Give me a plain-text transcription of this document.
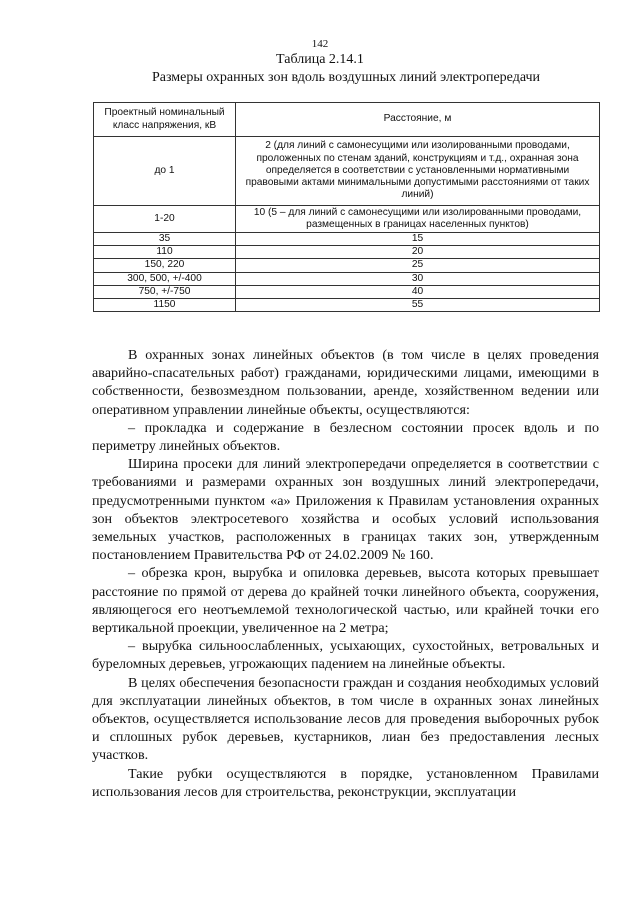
142
Таблица 2.14.1
Размеры охранных зон вдоль воздушных линий электропередачи
Проектный номинальный класс напряжения, кВ	Расстояние, м
до 1	2 (для линий с самонесущими или изолированными проводами, проложенных по стенам зданий, конструкциям и т.д., охранная зона определяется в соответствии с установленными нормативными правовыми актами минимальными допустимыми расстояниями от таких линий)
1-20	10 (5 – для линий с самонесущими или изолированными проводами, размещенных в границах населенных пунктов)
35	15
110	20
150, 220	25
300, 500, +/-400	30
750, +/-750	40
1150	55

В охранных зонах линейных объектов (в том числе в целях проведения аварийно-спасательных работ) гражданами, юридическими лицами, имеющими в собственности, безвозмездном пользовании, аренде, хозяйственном ведении или оперативном управлении линейные объекты, осуществляются:

– прокладка и содержание в безлесном состоянии просек вдоль и по периметру линейных объектов.

Ширина просеки для линий электропередачи определяется в соответствии с требованиями и размерами охранных зон воздушных линий электропередачи, предусмотренными пунктом «а» Приложения к Правилам установления охранных зон объектов электросетевого хозяйства и особых условий использования земельных участков, расположенных в границах таких зон, утвержденным постановлением Правительства РФ от 24.02.2009 № 160.

– обрезка крон, вырубка и опиловка деревьев, высота которых превышает расстояние по прямой от дерева до крайней точки линейного объекта, сооружения, являющегося его неотъемлемой технологической частью, или крайней точки его вертикальной проекции, увеличенное на 2 метра;

– вырубка сильноослабленных, усыхающих, сухостойных, ветровальных и буреломных деревьев, угрожающих падением на линейные объекты.

В целях обеспечения безопасности граждан и создания необходимых условий для эксплуатации линейных объектов, в том числе в охранных зонах линейных объектов, осуществляется использование лесов для проведения выборочных рубок и сплошных рубок деревьев, кустарников, лиан без предоставления лесных участков.

Такие рубки осуществляются в порядке, установленном Правилами использования лесов для строительства, реконструкции, эксплуатации
